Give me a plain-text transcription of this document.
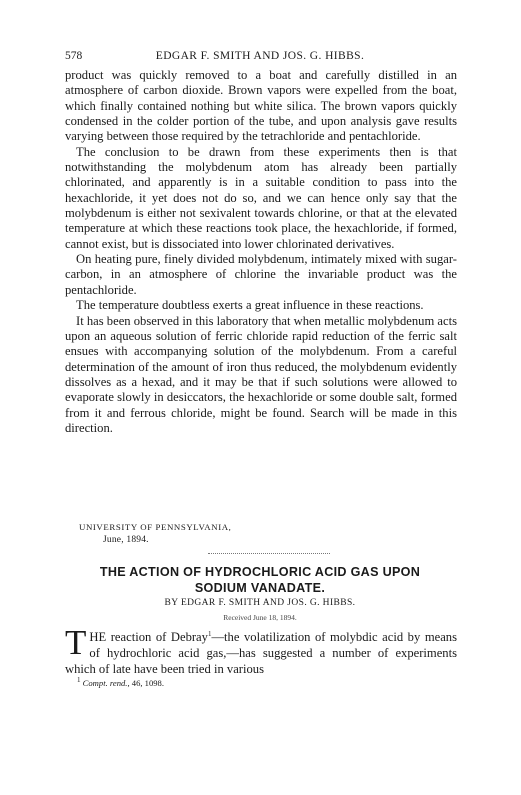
578	EDGAR F. SMITH AND JOS. G. HIBBS.

product was quickly removed to a boat and carefully distilled in an atmosphere of carbon dioxide. Brown vapors were expelled from the boat, which finally contained nothing but white silica. The brown vapors quickly condensed in the colder portion of the tube, and upon analysis gave results varying between those required by the tetrachloride and pentachloride.

The conclusion to be drawn from these experiments then is that notwithstanding the molybdenum atom has already been partially chlorinated, and apparently is in a suitable condition to pass into the hexachloride, it yet does not do so, and we can hence only say that the molybdenum is either not sexivalent towards chlorine, or that at the elevated temperature at which these reactions took place, the hexachloride, if formed, cannot exist, but is dissociated into lower chlorinated derivatives.

On heating pure, finely divided molybdenum, intimately mixed with sugar-carbon, in an atmosphere of chlorine the invariable product was the pentachloride.

The temperature doubtless exerts a great influence in these reactions.

It has been observed in this laboratory that when metallic molybdenum acts upon an aqueous solution of ferric chloride rapid reduction of the ferric salt ensues with accompanying solution of the molybdenum. From a careful determination of the amount of iron thus reduced, the molybdenum evidently dissolves as a hexad, and it may be that if such solutions were allowed to evaporate slowly in desiccators, the hexachloride or some double salt, formed from it and ferrous chloride, might be found. Search will be made in this direction.

UNIVERSITY OF PENNSYLVANIA,
June, 1894.
THE ACTION OF HYDROCHLORIC ACID GAS UPON
SODIUM VANADATE.
BY EDGAR F. SMITH AND JOS. G. HIBBS.
Received June 18, 1894.
THE reaction of Debray$^1$—the volatilization of molybdic acid by means of hydrochloric acid gas,—has suggested a number of experiments which of late have been tried in various
$^1$ Compt. rend., 46, 1098.
